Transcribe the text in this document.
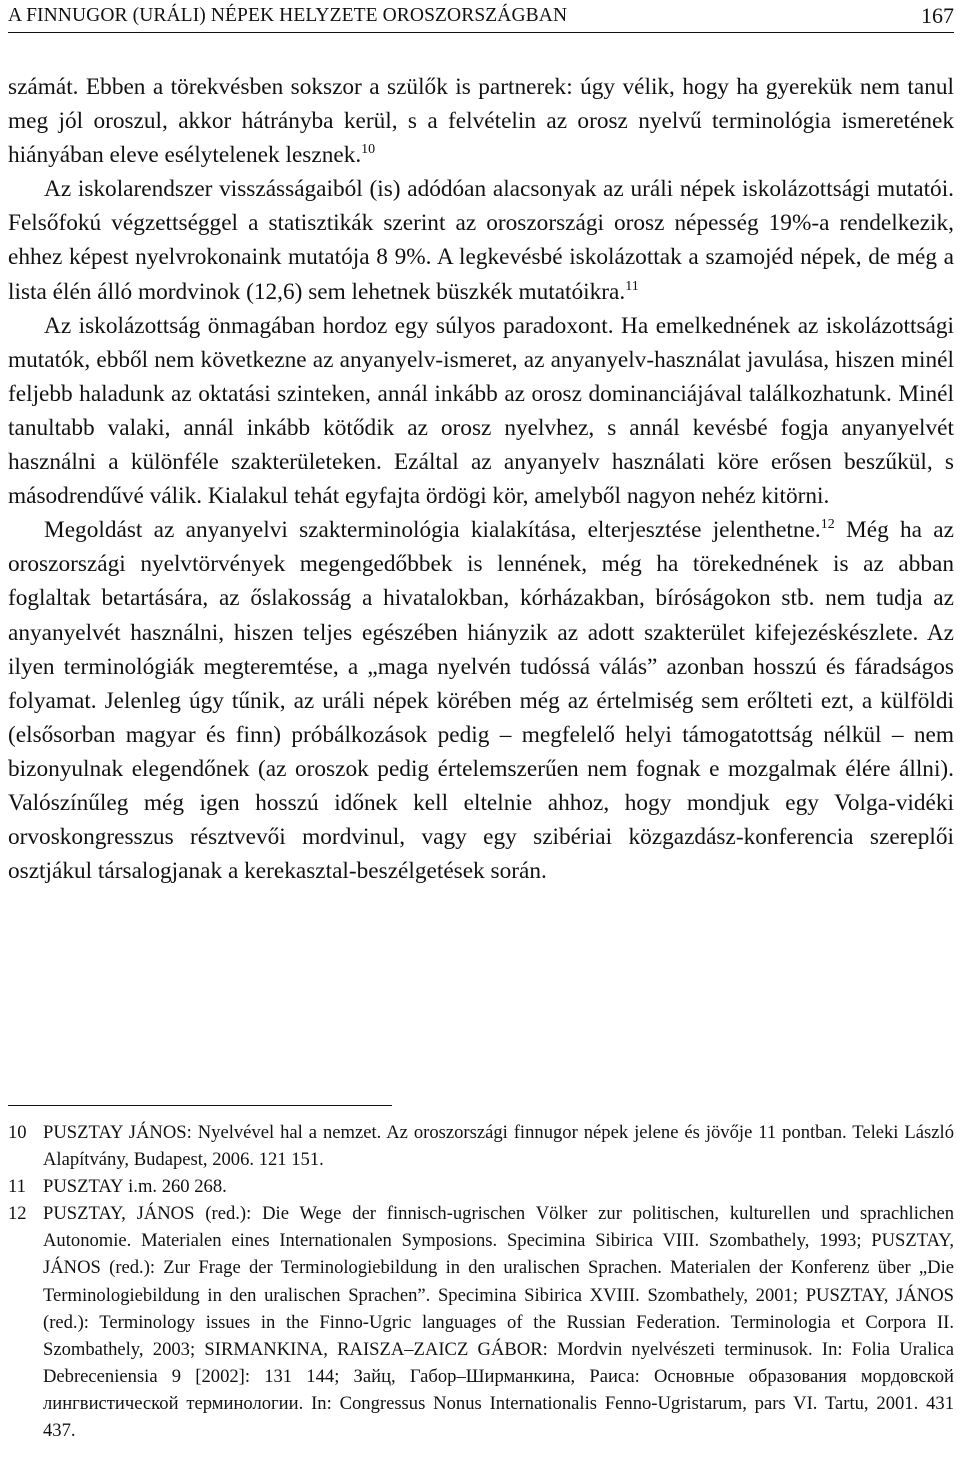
A FINNUGOR (URÁLI) NÉPEK HELYZETE OROSZORSZÁGBAN	167

számát. Ebben a törekvésben sokszor a szülők is partnerek: úgy vélik, hogy ha gyerekük nem tanul meg jól oroszul, akkor hátrányba kerül, s a felvételin az orosz nyelvű terminológia ismeretének hiányában eleve esélytelenek lesznek.$^{10}$

Az iskolarendszer visszásságaiból (is) adódóan alacsonyak az uráli népek iskolázottsági mutatói. Felsőfokú végzettséggel a statisztikák szerint az oroszországi orosz népesség 19%-a rendelkezik, ehhez képest nyelvrokonaink mutatója 8 9%. A legkevésbé iskolázottak a szamojéd népek, de még a lista élén álló mordvinok (12,6) sem lehetnek büszkék mutatóikra.$^{11}$

Az iskolázottság önmagában hordoz egy súlyos paradoxont. Ha emelkednének az iskolázottsági mutatók, ebből nem következne az anyanyelv-ismeret, az anyanyelv-használat javulása, hiszen minél feljebb haladunk az oktatási szinteken, annál inkább az orosz dominanciájával találkozhatunk. Minél tanultabb valaki, annál inkább kötődik az orosz nyelvhez, s annál kevésbé fogja anyanyelvét használni a különféle szakterületeken. Ezáltal az anyanyelv használati köre erősen beszűkül, s másodrendűvé válik. Kialakul tehát egyfajta ördögi kör, amelyből nagyon nehéz kitörni.

Megoldást az anyanyelvi szakterminológia kialakítása, elterjesztése jelenthetne.$^{12}$ Még ha az oroszországi nyelvtörvények megengedőbbek is lennének, még ha törekednének is az abban foglaltak betartására, az őslakosság a hivatalokban, kórházakban, bíróságokon stb. nem tudja az anyanyelvét használni, hiszen teljes egészében hiányzik az adott szakterület kifejezéskészlete. Az ilyen terminológiák megteremtése, a „maga nyelvén tudóssá válás” azonban hosszú és fáradságos folyamat. Jelenleg úgy tűnik, az uráli népek körében még az értelmiség sem erőlteti ezt, a külföldi (elsősorban magyar és finn) próbálkozások pedig – megfelelő helyi támogatottság nélkül – nem bizonyulnak elegendőnek (az oroszok pedig értelemszerűen nem fognak e mozgalmak élére állni). Valószínűleg még igen hosszú időnek kell eltelnie ahhoz, hogy mondjuk egy Volga-vidéki orvoskongresszus résztvevői mordvinul, vagy egy szibériai közgazdász-konferencia szereplői osztjákul társalogjanak a kerekasztal-beszélgetések során.

10 PUSZTAY JÁNOS: Nyelvével hal a nemzet. Az oroszországi finnugor népek jelene és jövője 11 pontban. Teleki László Alapítvány, Budapest, 2006. 121 151.

11 PUSZTAY i.m. 260 268.

12 PUSZTAY, JÁNOS (red.): Die Wege der finnisch-ugrischen Völker zur politischen, kulturellen und sprachlichen Autonomie. Materialen eines Internationalen Symposions. Specimina Sibirica VIII. Szombathely, 1993; PUSZTAY, JÁNOS (red.): Zur Frage der Terminologiebildung in den uralischen Sprachen. Materialen der Konferenz über „Die Terminologiebildung in den uralischen Sprachen”. Specimina Sibirica XVIII. Szombathely, 2001; PUSZTAY, JÁNOS (red.): Terminology issues in the Finno-Ugric languages of the Russian Federation. Terminologia et Corpora II. Szombathely, 2003; SIRMANKINA, RAISZA–ZAICZ GÁBOR: Mordvin nyelvészeti terminusok. In: Folia Uralica Debreceniensia 9 [2002]: 131 144; Зайц, Габор–Ширманкина, Раиса: Основные образования мордовской лингвистической терминологии. In: Congressus Nonus Internationalis Fenno-Ugristarum, pars VI. Tartu, 2001. 431 437.
